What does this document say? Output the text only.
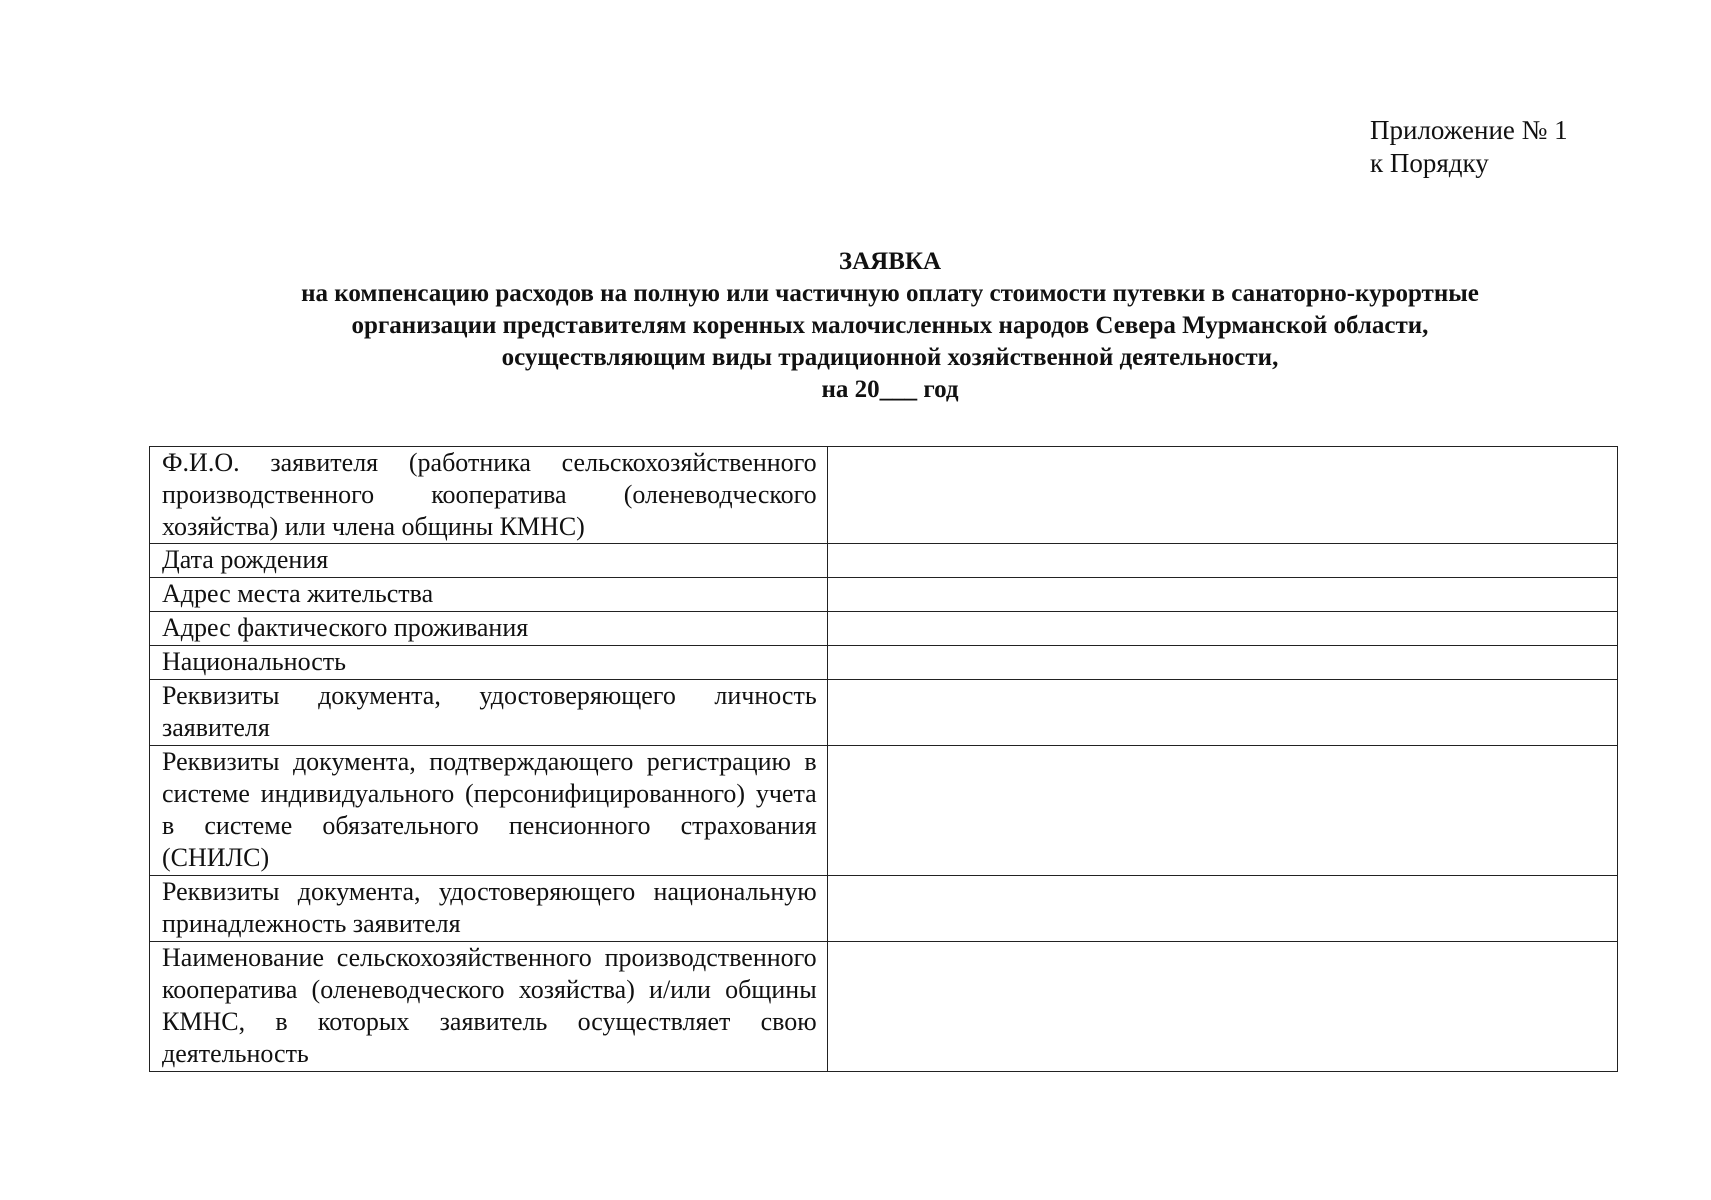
Приложение № 1
к Порядку
ЗАЯВКА
на компенсацию расходов на полную или частичную оплату стоимости путевки в санаторно-курортные
организации представителям коренных малочисленных народов Севера Мурманской области,
осуществляющим виды традиционной хозяйственной деятельности,
на 20___ год
Ф.И.О. заявителя (работника сельскохозяйственного производственного кооператива (оленеводческого хозяйства) или члена общины КМНС)	
Дата рождения	
Адрес места жительства	
Адрес фактического проживания	
Национальность	
Реквизиты документа, удостоверяющего личность заявителя	
Реквизиты документа, подтверждающего регистрацию в системе индивидуального (персонифицированного) учета в системе обязательного пенсионного страхования (СНИЛС)	
Реквизиты документа, удостоверяющего национальную принадлежность заявителя	
Наименование сельскохозяйственного производственного кооператива (оленеводческого хозяйства) и/или общины КМНС, в которых заявитель осуществляет свою деятельность	
